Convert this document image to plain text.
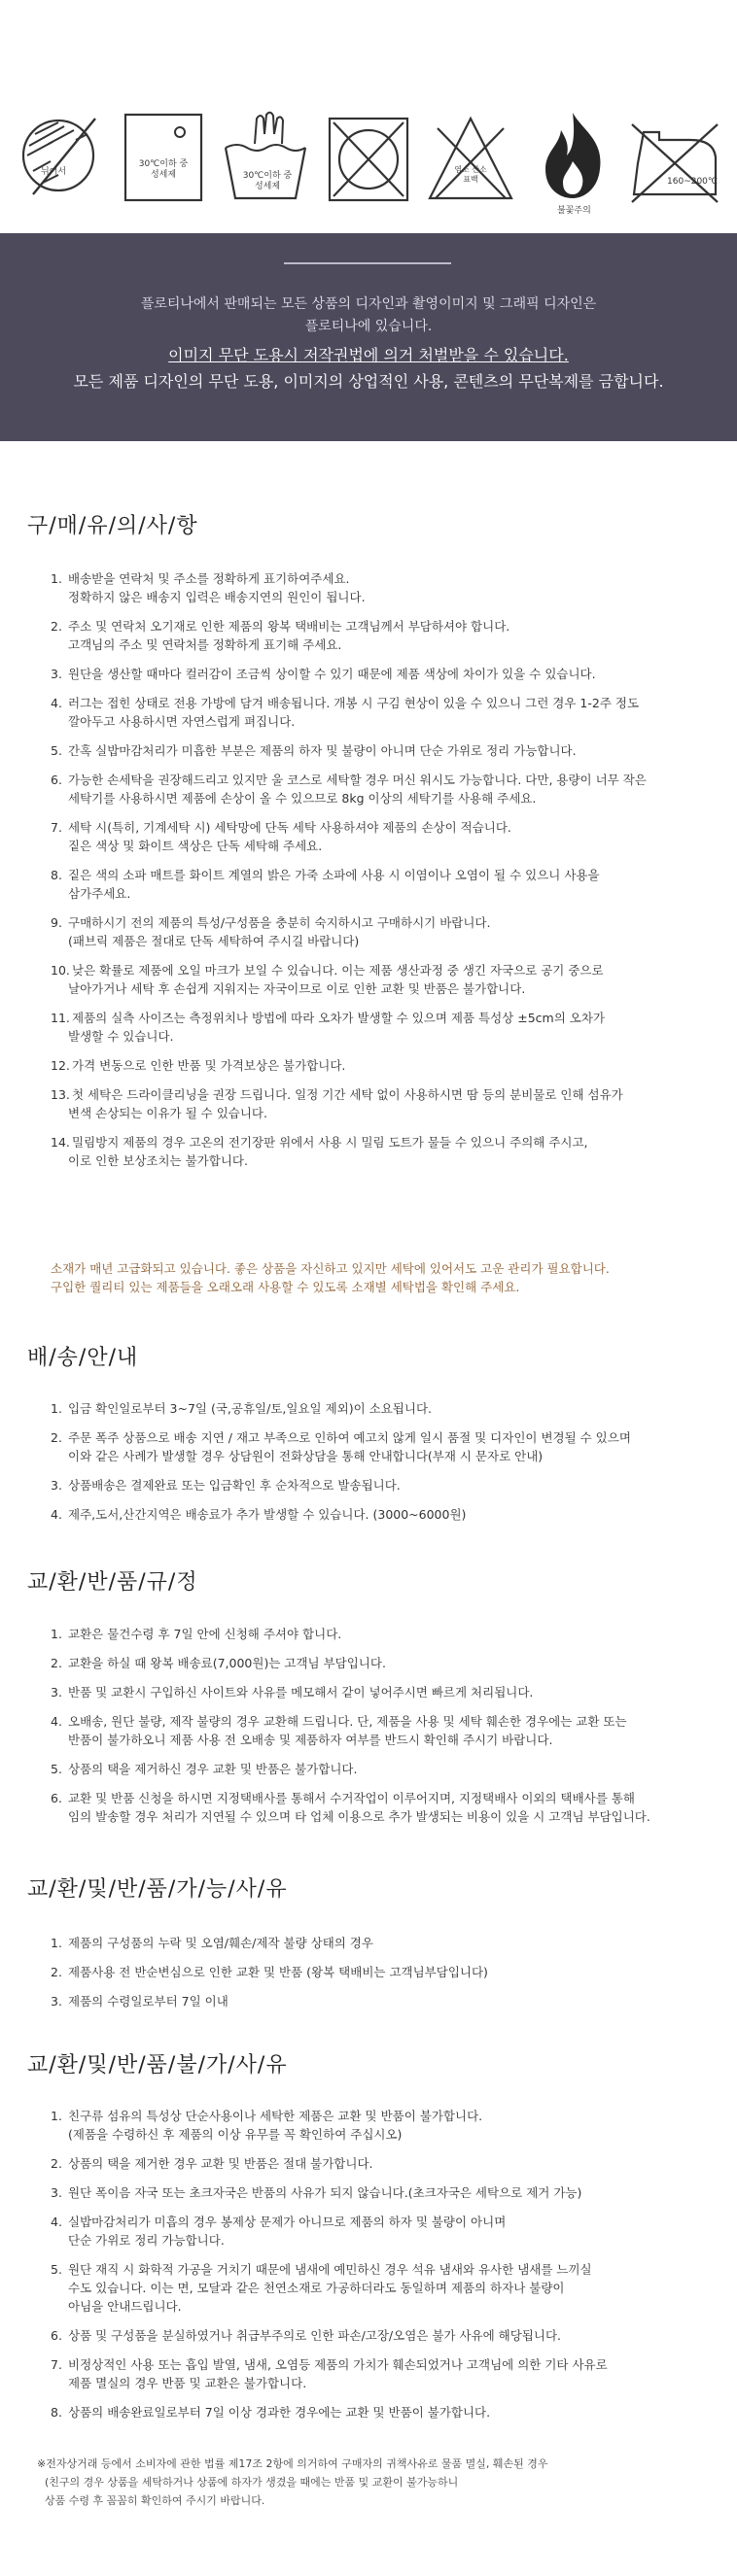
뉘어서
30℃이하 중성세제	30℃이하 중성세제
염소 산소표백
불꽃주의
160~200℃

플로티나에서 판매되는 모든 상품의 디자인과 촬영이미지 및 그래픽 디자인은

플로티나에 있습니다.

이미지 무단 도용시 저작권법에 의거 처벌받을 수 있습니다.

모든 제품 디자인의 무단 도용, 이미지의 상업적인 사용, 콘텐츠의 무단복제를 금합니다.

구/매/유/의/사/항
1. 배송받을 연락처 및 주소를 정확하게 표기하여주세요.
정확하지 않은 배송지 입력은 배송지연의 원인이 됩니다.
2. 주소 및 연락처 오기재로 인한 제품의 왕복 택배비는 고객님께서 부담하셔야 합니다.
고객님의 주소 및 연락처를 정확하게 표기해 주세요.
3. 원단을 생산할 때마다 컬러감이 조금씩 상이할 수 있기 때문에 제품 색상에 차이가 있을 수 있습니다.
4. 러그는 접힌 상태로 전용 가방에 담겨 배송됩니다. 개봉 시 구김 현상이 있을 수 있으니 그런 경우 1-2주 정도
깔아두고 사용하시면 자연스럽게 펴집니다.
5. 간혹 실밥마감처리가 미흡한 부분은 제품의 하자 및 불량이 아니며 단순 가위로 정리 가능합니다.
6. 가능한 손세탁을 권장해드리고 있지만 울 코스로 세탁할 경우 머신 워시도 가능합니다. 다만, 용량이 너무 작은
세탁기를 사용하시면 제품에 손상이 올 수 있으므로 8kg 이상의 세탁기를 사용해 주세요.
7. 세탁 시(특히, 기계세탁 시) 세탁망에 단독 세탁 사용하셔야 제품의 손상이 적습니다.
짙은 색상 및 화이트 색상은 단독 세탁해 주세요.
8. 짙은 색의 소파 매트를 화이트 계열의 밝은 가죽 소파에 사용 시 이염이나 오염이 될 수 있으니 사용을
삼가주세요.
9. 구매하시기 전의 제품의 특성/구성품을 충분히 숙지하시고 구매하시기 바랍니다.
(패브릭 제품은 절대로 단독 세탁하여 주시길 바랍니다)
10. 낮은 확률로 제품에 오일 마크가 보일 수 있습니다. 이는 제품 생산과정 중 생긴 자국으로 공기 중으로
날아가거나 세탁 후 손쉽게 지워지는 자국이므로 이로 인한 교환 및 반품은 불가합니다.
11. 제품의 실측 사이즈는 측정위치나 방법에 따라 오차가 발생할 수 있으며 제품 특성상 ±5cm의 오차가
발생할 수 있습니다.
12. 가격 변동으로 인한 반품 및 가격보상은 불가합니다.
13. 첫 세탁은 드라이클리닝을 권장 드립니다. 일정 기간 세탁 없이 사용하시면 땀 등의 분비물로 인해 섬유가
변색 손상되는 이유가 될 수 있습니다.
14. 밀림방지 제품의 경우 고온의 전기장판 위에서 사용 시 밀림 도트가 물들 수 있으니 주의해 주시고,
이로 인한 보상조치는 불가합니다.
소재가 매년 고급화되고 있습니다. 좋은 상품을 자신하고 있지만 세탁에 있어서도 고운 관리가 필요합니다.
구입한 퀄리티 있는 제품들을 오래오래 사용할 수 있도록 소재별 세탁법을 확인해 주세요.
배/송/안/내
1. 입금 확인일로부터 3~7일 (국,공휴일/토,일요일 제외)이 소요됩니다.
2. 주문 폭주 상품으로 배송 지연 / 재고 부족으로 인하여 예고치 않게 일시 품절 및 디자인이 변경될 수 있으며
이와 같은 사례가 발생할 경우 상담원이 전화상담을 통해 안내합니다(부재 시 문자로 안내)
3. 상품배송은 결제완료 또는 입금확인 후 순차적으로 발송됩니다.
4. 제주,도서,산간지역은 배송료가 추가 발생할 수 있습니다. (3000~6000원)
교/환/반/품/규/정
1. 교환은 물건수령 후 7일 안에 신청해 주셔야 합니다.
2. 교환을 하실 때 왕복 배송료(7,000원)는 고객님 부담입니다.
3. 반품 및 교환시 구입하신 사이트와 사유를 메모해서 같이 넣어주시면 빠르게 처리됩니다.
4. 오배송, 원단 불량, 제작 불량의 경우 교환해 드립니다. 단, 제품을 사용 및 세탁 훼손한 경우에는 교환 또는
반품이 불가하오니 제품 사용 전 오배송 및 제품하자 여부를 반드시 확인해 주시기 바랍니다.
5. 상품의 택을 제거하신 경우 교환 및 반품은 불가합니다.
6. 교환 및 반품 신청을 하시면 지정택배사를 통해서 수거작업이 이루어지며, 지정택배사 이외의 택배사를 통해
임의 발송할 경우 처리가 지연될 수 있으며 타 업체 이용으로 추가 발생되는 비용이 있을 시 고객님 부담입니다.
교/환/및/반/품/가/능/사/유
1. 제품의 구성품의 누락 및 오염/훼손/제작 불량 상태의 경우
2. 제품사용 전 반순변심으로 인한 교환 및 반품 (왕복 택배비는 고객님부담입니다)
3. 제품의 수령일로부터 7일 이내
교/환/및/반/품/불/가/사/유
1. 친구류 섬유의 특성상 단순사용이나 세탁한 제품은 교환 및 반품이 불가합니다.
(제품을 수령하신 후 제품의 이상 유무를 꼭 확인하여 주십시오)
2. 상품의 택을 제거한 경우 교환 및 반품은 절대 불가합니다.
3. 원단 폭이음 자국 또는 초크자국은 반품의 사유가 되지 않습니다.(초크자국은 세탁으로 제거 가능)
4. 실밥마감처리가 미흡의 경우 봉제상 문제가 아니므로 제품의 하자 및 불량이 아니며
단순 가위로 정리 가능합니다.
5. 원단 재직 시 화학적 가공을 거치기 때문에 냄새에 예민하신 경우 석유 냄새와 유사한 냄새를 느끼실
수도 있습니다. 이는 면, 모달과 같은 천연소재로 가공하더라도 동일하며 제품의 하자나 불량이
아님을 안내드립니다.
6. 상품 및 구성품을 분실하였거나 취급부주의로 인한 파손/고장/오염은 불가 사유에 해당됩니다.
7. 비정상적인 사용 또는 흡입 발열, 냄새, 오염등 제품의 가치가 훼손되었거나 고객님에 의한 기타 사유로
제품 멸실의 경우 반품 및 교환은 불가합니다.
8. 상품의 배송완료일로부터 7일 이상 경과한 경우에는 교환 및 반품이 불가합니다.
※전자상거래 등에서 소비자에 관한 법률 제17조 2항에 의거하여 구매자의 귀책사유로 물품 멸실, 훼손된 경우
(친구의 경우 상품을 세탁하거나 상품에 하자가 생겼을 때에는 반품 및 교환이 불가능하니
상품 수령 후 꼼꼼히 확인하여 주시기 바랍니다.
